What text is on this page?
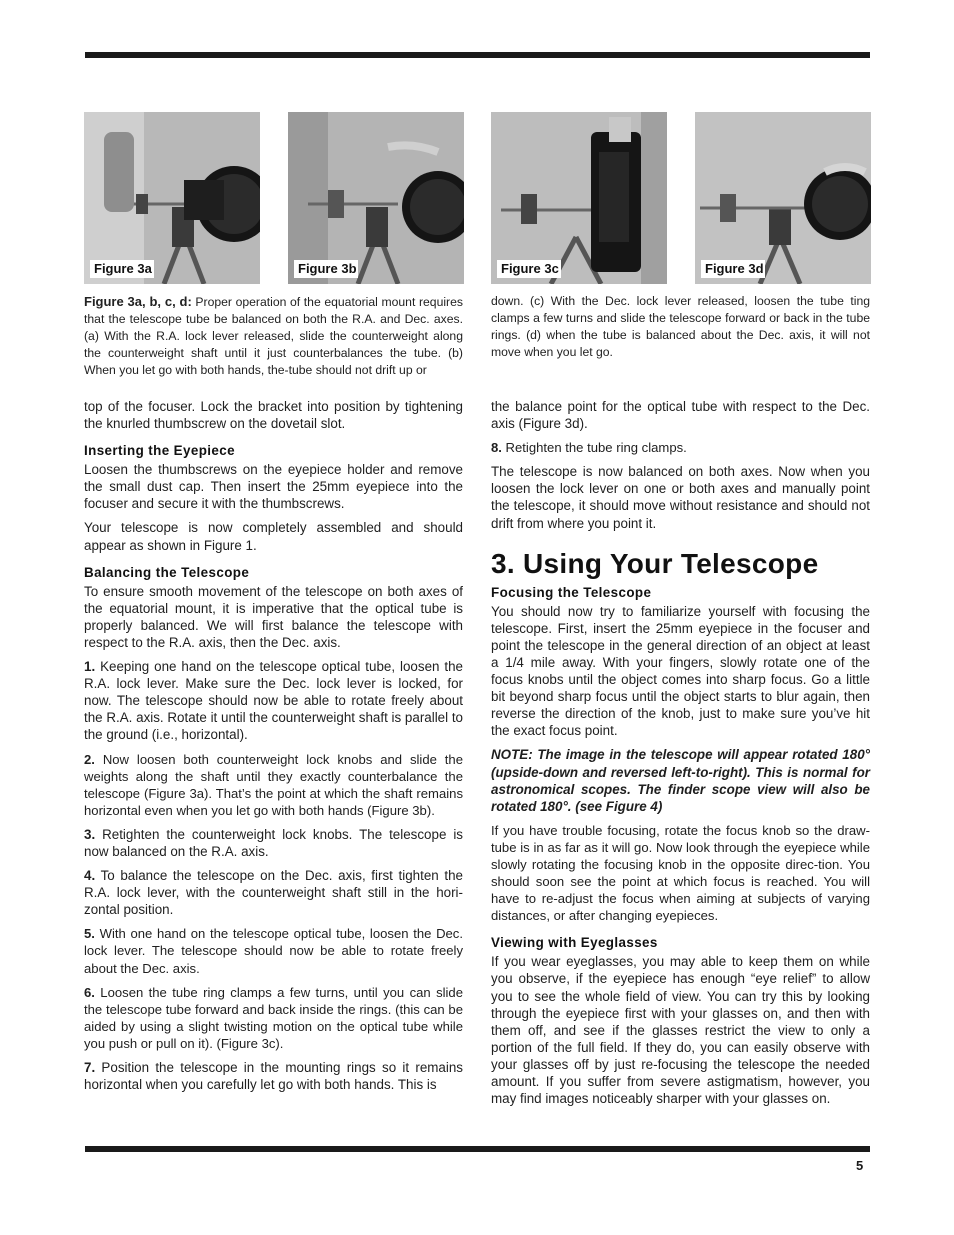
Figure 3a	Figure 3b	Figure 3c	Figure 3d
Figure 3a, b, c, d: Proper operation of the equatorial mount requires that the telescope tube be balanced on both the R.A. and Dec. axes. (a) With the R.A. lock lever released, slide the counterweight along the counterweight shaft until it just counterbalances the tube. (b) When you let go with both hands, the-tube should not drift up or
down. (c) With the Dec. lock lever released, loosen the tube ting clamps a few turns and slide the telescope forward or back in the tube rings. (d) when the tube is balanced about the Dec. axis, it will not move when you let go.

top of the focuser. Lock the bracket into position by tightening the knurled thumbscrew on the dovetail slot.

Inserting the Eyepiece

Loosen the thumbscrews on the eyepiece holder and remove the small dust cap. Then insert the 25mm eyepiece into the focuser and secure it with the thumbscrews.

Your telescope is now completely assembled and should appear as shown in Figure 1.

Balancing the Telescope

To ensure smooth movement of the telescope on both axes of the equatorial mount, it is imperative that the optical tube is properly balanced. We will first balance the telescope with respect to the R.A. axis, then the Dec. axis.

1. Keeping one hand on the telescope optical tube, loosen the R.A. lock lever. Make sure the Dec. lock lever is locked, for now. The telescope should now be able to rotate freely about the R.A. axis. Rotate it until the counterweight shaft is parallel to the ground (i.e., horizontal).

2. Now loosen both counterweight lock knobs and slide the weights along the shaft until they exactly counterbalance the telescope (Figure 3a). That’s the point at which the shaft remains horizontal even when you let go with both hands (Figure 3b).

3. Retighten the counterweight lock knobs. The telescope is now balanced on the R.A. axis.

4. To balance the telescope on the Dec. axis, first tighten the R.A. lock lever, with the counterweight shaft still in the hori-zontal position.

5. With one hand on the telescope optical tube, loosen the Dec. lock lever. The telescope should now be able to rotate freely about the Dec. axis.

6. Loosen the tube ring clamps a few turns, until you can slide the telescope tube forward and back inside the rings. (this can be aided by using a slight twisting motion on the optical tube while you push or pull on it). (Figure 3c).

7. Position the telescope in the mounting rings so it remains horizontal when you carefully let go with both hands. This is

the balance point for the optical tube with respect to the Dec. axis (Figure 3d).

8. Retighten the tube ring clamps.

The telescope is now balanced on both axes. Now when you loosen the lock lever on one or both axes and manually point the telescope, it should move without resistance and should not drift from where you point it.

3. Using Your Telescope
Focusing the Telescope

You should now try to familiarize yourself with focusing the telescope. First, insert the 25mm eyepiece in the focuser and point the telescope in the general direction of an object at least a 1/4 mile away. With your fingers, slowly rotate one of the focus knobs until the object comes into sharp focus. Go a little bit beyond sharp focus until the object starts to blur again, then reverse the direction of the knob, just to make sure you’ve hit the exact focus point.

NOTE: The image in the telescope will appear rotated 180° (upside-down and reversed left-to-right). This is normal for astronomical scopes. The finder scope view will also be rotated 180°. (see Figure 4)

If you have trouble focusing, rotate the focus knob so the draw-tube is in as far as it will go. Now look through the eyepiece while slowly rotating the focusing knob in the opposite direc-tion. You should soon see the point at which focus is reached. You will have to re-adjust the focus when aiming at subjects of varying distances, or after changing eyepieces.

Viewing with Eyeglasses

If you wear eyeglasses, you may able to keep them on while you observe, if the eyepiece has enough “eye relief” to allow you to see the whole field of view. You can try this by looking through the eyepiece first with your glasses on, and then with them off, and see if the glasses restrict the view to only a portion of the full field. If they do, you can easily observe with your glasses off by just re-focusing the telescope the needed amount. If you suffer from severe astigmatism, however, you may find images noticeably sharper with your glasses on.

5
